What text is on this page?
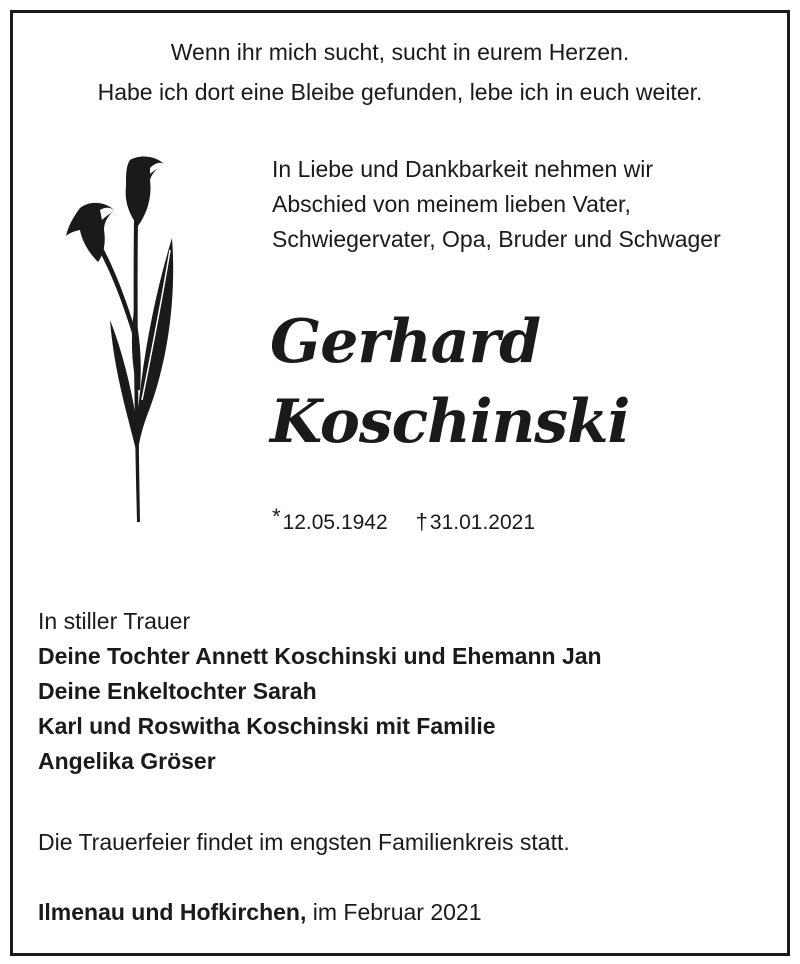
Wenn ihr mich sucht, sucht in eurem Herzen.
Habe ich dort eine Bleibe gefunden, lebe ich in euch weiter.
In Liebe und Dankbarkeit nehmen wir
Abschied von meinem lieben Vater,
Schwiegervater, Opa, Bruder und Schwager
Gerhard
Koschinski
*12.05.1942 †31.01.2021
In stiller Trauer
Deine Tochter Annett Koschinski und Ehemann Jan
Deine Enkeltochter Sarah
Karl und Roswitha Koschinski mit Familie
Angelika Gröser
Die Trauerfeier findet im engsten Familienkreis statt.
Ilmenau und Hofkirchen, im Februar 2021
